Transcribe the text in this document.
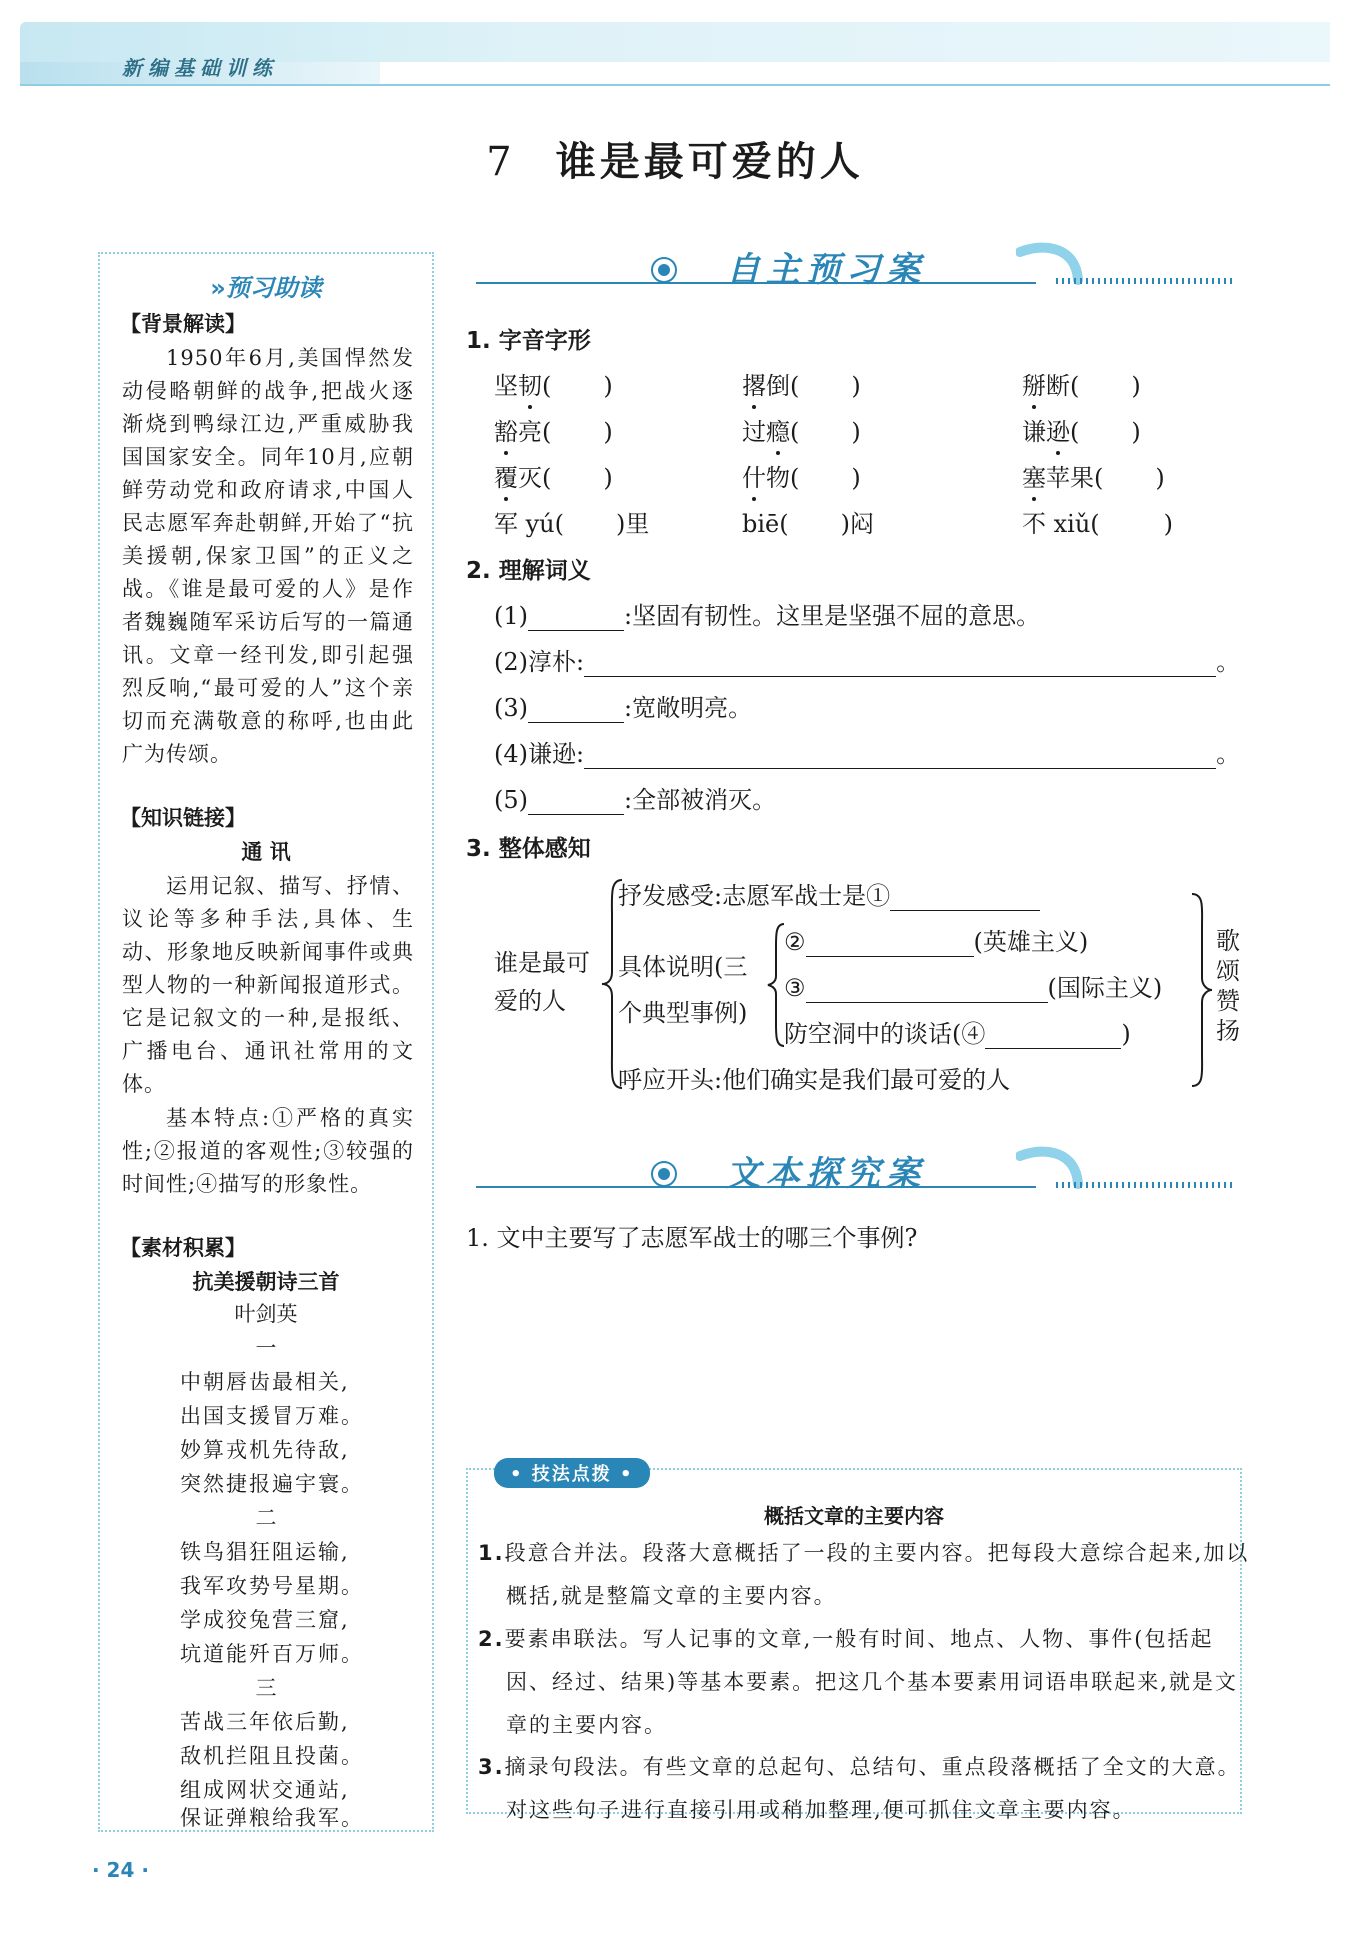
新编基础训练
7 谁是最可爱的人
»预习助读
【背景解读】
1950年6月,美国悍然发动侵略朝鲜的战争,把战火逐渐烧到鸭绿江边,严重威胁我国国家安全。同年10月,应朝鲜劳动党和政府请求,中国人民志愿军奔赴朝鲜,开始了“抗美援朝,保家卫国”的正义之战。《谁是最可爱的人》是作者魏巍随军采访后写的一篇通讯。文章一经刊发,即引起强烈反响,“最可爱的人”这个亲切而充满敬意的称呼,也由此广为传颂。
【知识链接】
通 讯
运用记叙、描写、抒情、议论等多种手法,具体、生动、形象地反映新闻事件或典型人物的一种新闻报道形式。它是记叙文的一种,是报纸、广播电台、通讯社常用的文体。
基本特点:①严格的真实性;②报道的客观性;③较强的时间性;④描写的形象性。
【素材积累】
抗美援朝诗三首
叶剑英
一
中朝唇齿最相关,
出国支援冒万难。
妙算戎机先待敌,
突然捷报遍宇寰。
二
铁鸟猖狂阻运输,
我军攻势号星期。
学成狡兔营三窟,
坑道能歼百万师。
三
苦战三年依后勤,
敌机拦阻且投菌。
组成网状交通站,
保证弹粮给我军。
自主预习案
1. 字音字形
坚韧( )	撂倒( )	掰断( )
豁亮( )	过瘾( )	谦逊( )
覆灭( )	什物( )	塞苹果( )
军 yú( )里	biē( )闷	不 xiǔ(	)
2. 理解词义
(1)	:坚固有韧性。这里是坚强不屈的意思。
(2)淳朴:	。
(3)	:宽敞明亮。
(4)谦逊:	。
(5)	:全部被消灭。
3. 整体感知
谁是最可
爱的人
抒发感受:志愿军战士是①
具体说明(三
个典型事例)
②	(英雄主义)
③	(国际主义)
防空洞中的谈话(④	)
呼应开头:他们确实是我们最可爱的人
歌
颂
赞
扬
文本探究案
1. 文中主要写了志愿军战士的哪三个事例?
• 技法点拨 •
概括文章的主要内容
1.段意合并法。段落大意概括了一段的主要内容。把每段大意综合起来,加以概括,就是整篇文章的主要内容。
2.要素串联法。写人记事的文章,一般有时间、地点、人物、事件(包括起因、经过、结果)等基本要素。把这几个基本要素用词语串联起来,就是文章的主要内容。
3.摘录句段法。有些文章的总起句、总结句、重点段落概括了全文的大意。对这些句子进行直接引用或稍加整理,便可抓住文章主要内容。
· 24 ·
